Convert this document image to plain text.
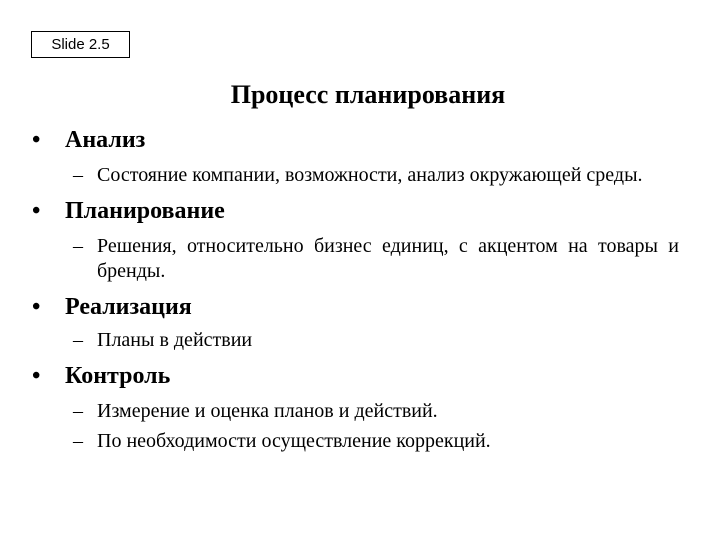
Slide 2.5
Процесс планирования
•	Анализ
– Состояние компании, возможности, анализ окружающей среды.
•	Планирование
– Решения, относительно бизнес единиц, с акцентом на товары и бренды.
•	Реализация
– Планы в действии
•	Контроль
– Измерение и оценка планов и действий.
– По необходимости осуществление коррекций.
